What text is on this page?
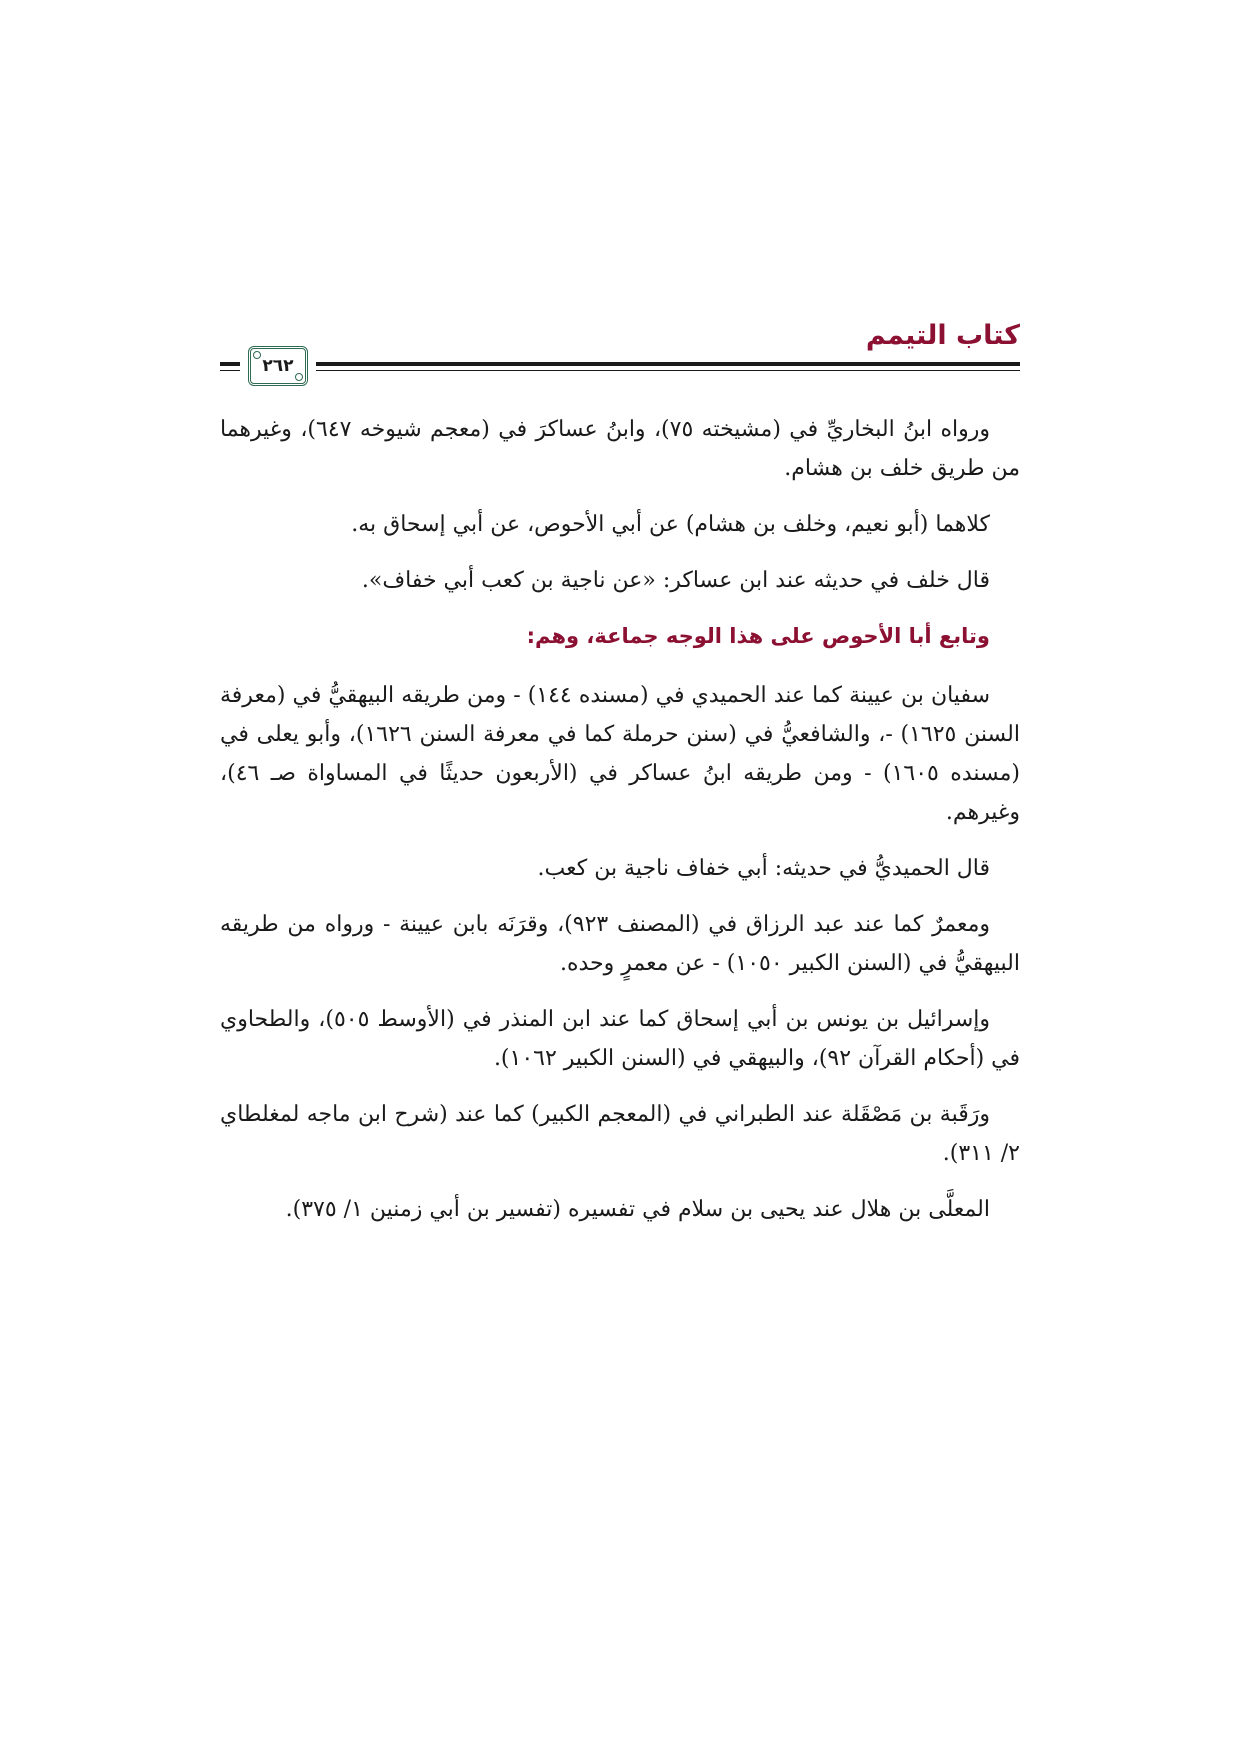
كتاب التيمم
٢٦٢

ورواه ابنُ البخاريِّ في (مشيخته ٧٥)، وابنُ عساكرَ في (معجم شيوخه ٦٤٧)، وغيرهما من طريق خلف بن هشام.

كلاهما (أبو نعيم، وخلف بن هشام) عن أبي الأحوص، عن أبي إسحاق به.

قال خلف في حديثه عند ابن عساكر: «عن ناجية بن كعب أبي خفاف».

وتابع أبا الأحوص على هذا الوجه جماعة، وهم:

سفيان بن عيينة كما عند الحميدي في (مسنده ١٤٤) - ومن طريقه البيهقيُّ في (معرفة السنن ١٦٢٥) -، والشافعيُّ في (سنن حرملة كما في معرفة السنن ١٦٢٦)، وأبو يعلى في (مسنده ١٦٠٥) - ومن طريقه ابنُ عساكر في (الأربعون حديثًا في المساواة صـ ٤٦)، وغيرهم.

قال الحميديُّ في حديثه: أبي خفاف ناجية بن كعب.

ومعمرٌ كما عند عبد الرزاق في (المصنف ٩٢٣)، وقرَنَه بابن عيينة - ورواه من طريقه البيهقيُّ في (السنن الكبير ١٠٥٠) - عن معمرٍ وحده.

وإسرائيل بن يونس بن أبي إسحاق كما عند ابن المنذر في (الأوسط ٥٠٥)، والطحاوي في (أحكام القرآن ٩٢)، والبيهقي في (السنن الكبير ١٠٦٢).

ورَقَبة بن مَصْقَلة عند الطبراني في (المعجم الكبير) كما عند (شرح ابن ماجه لمغلطاي ٢/ ٣١١).

المعلَّى بن هلال عند يحيى بن سلام في تفسيره (تفسير بن أبي زمنين ١/ ٣٧٥).
